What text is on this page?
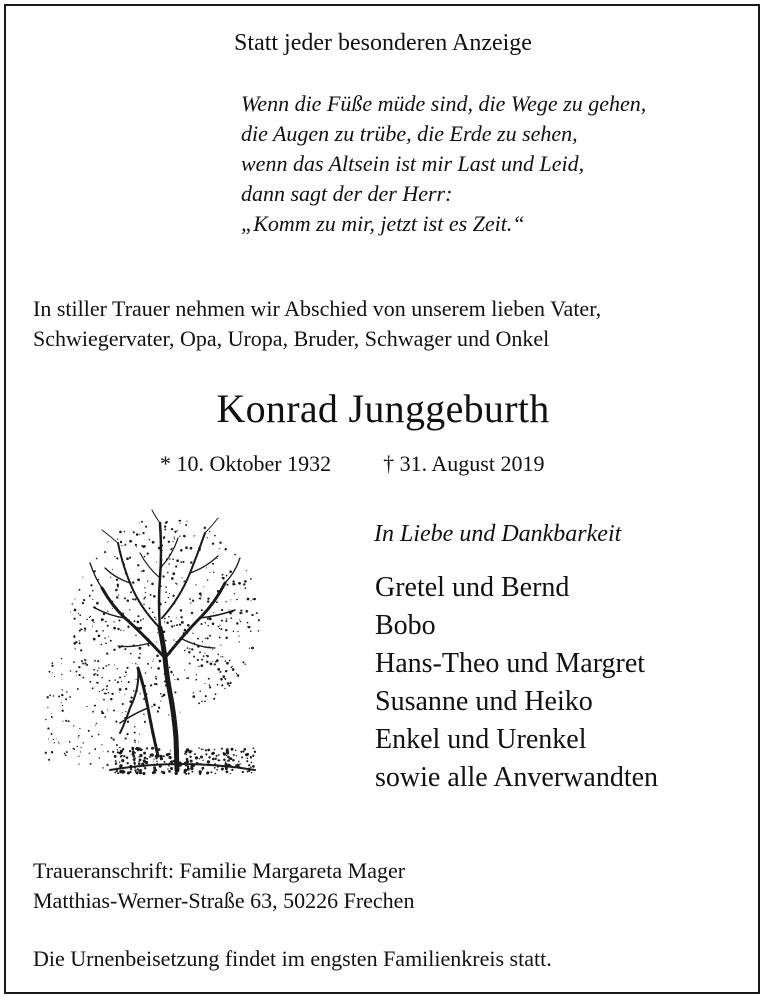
Statt jeder besonderen Anzeige
Wenn die Füße müde sind, die Wege zu gehen,
die Augen zu trübe, die Erde zu sehen,
wenn das Altsein ist mir Last und Leid,
dann sagt der der Herr:
„Komm zu mir, jetzt ist es Zeit.“
In stiller Trauer nehmen wir Abschied von unserem lieben Vater,
Schwiegervater, Opa, Uropa, Bruder, Schwager und Onkel
Konrad Junggeburth
* 10. Oktober 1932 † 31. August 2019
In Liebe und Dankbarkeit
Gretel und Bernd
Bobo
Hans-Theo und Margret
Susanne und Heiko
Enkel und Urenkel
sowie alle Anverwandten
Traueranschrift: Familie Margareta Mager
Matthias-Werner-Straße 63, 50226 Frechen
Die Urnenbeisetzung findet im engsten Familienkreis statt.
